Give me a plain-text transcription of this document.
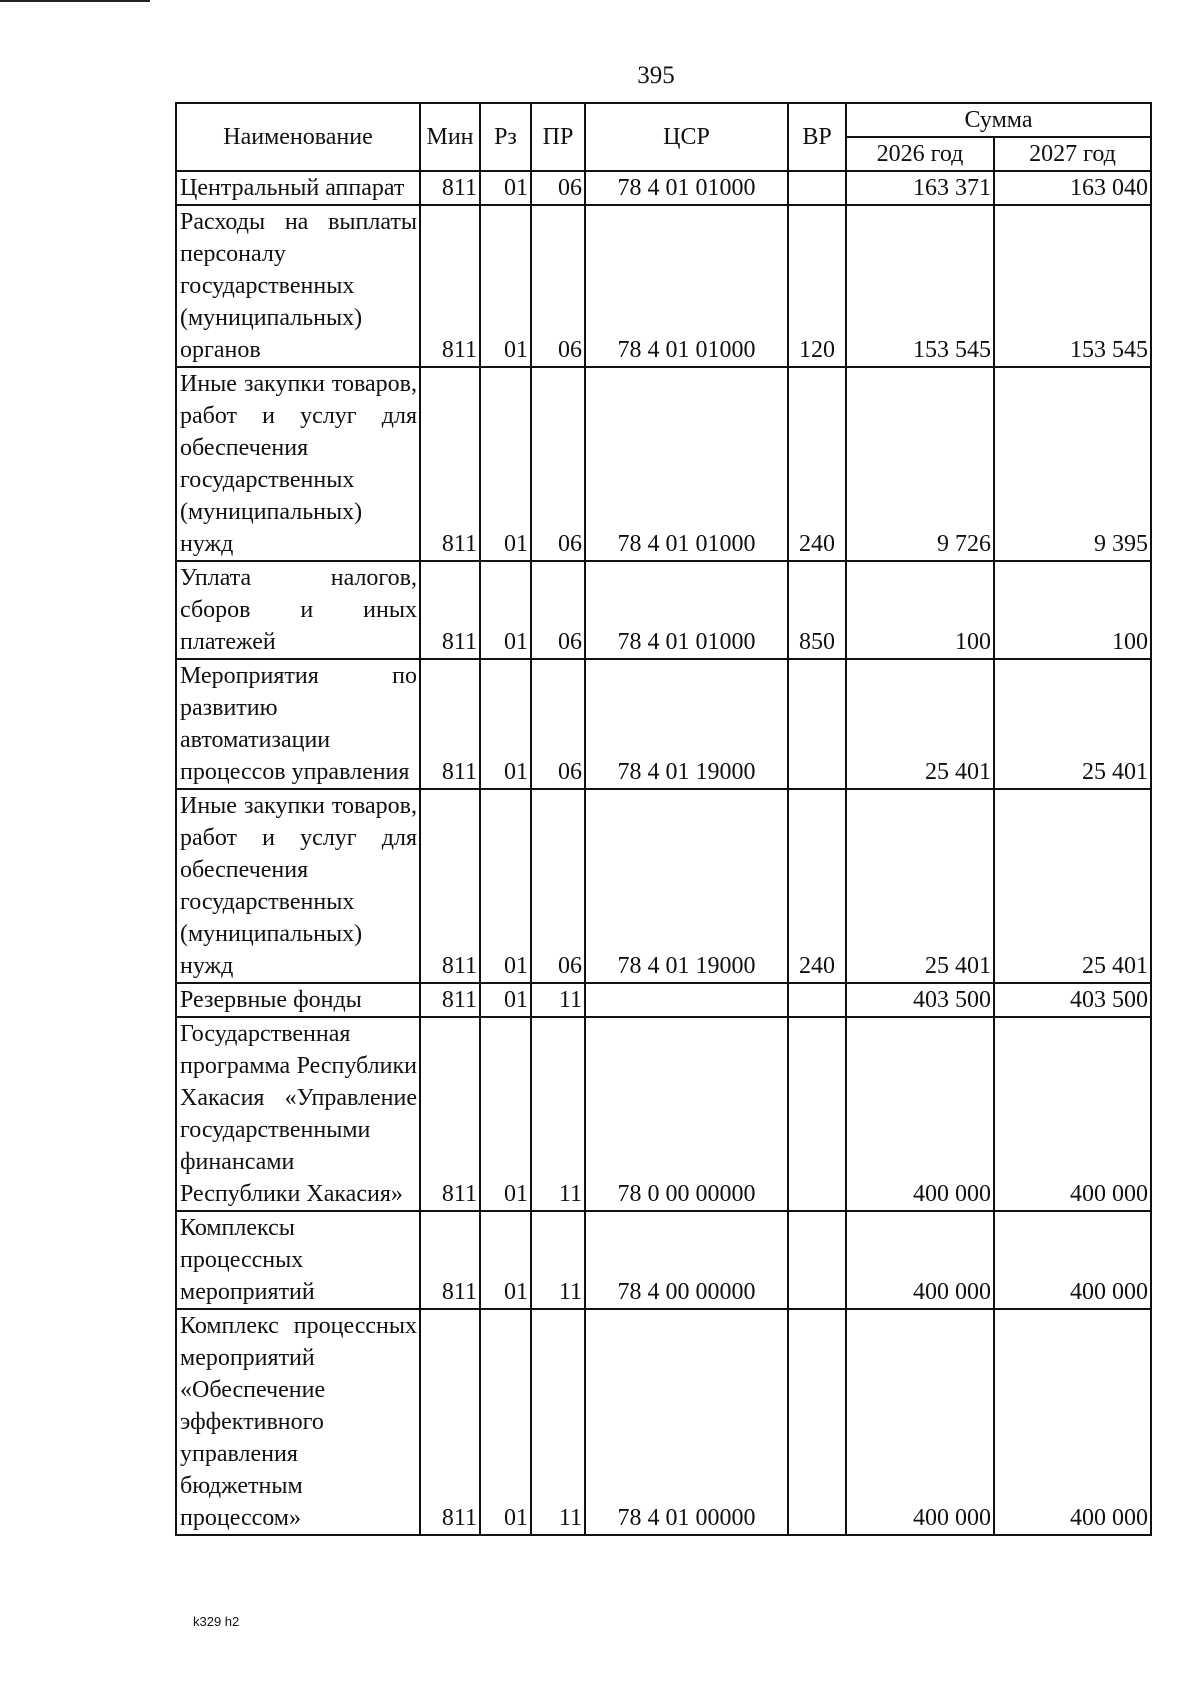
395
Наименование	Мин	Рз	ПР	ЦСР	ВР	Сумма	
						2026 год	2027 год
Центральный аппарат	811	01	06	78 4 01 01000		163 371	163 040
Расходы на выплаты персоналу государственных (муниципальных) органов	811	01	06	78 4 01 01000	120	153 545	153 545
Иные закупки товаров, работ и услуг для обеспечения государственных (муниципальных) нужд	811	01	06	78 4 01 01000	240	9 726	9 395
Уплата налогов, сборов и иных платежей	811	01	06	78 4 01 01000	850	100	100
Мероприятия по развитию автоматизации процессов управления	811	01	06	78 4 01 19000		25 401	25 401
Иные закупки товаров, работ и услуг для обеспечения государственных (муниципальных) нужд	811	01	06	78 4 01 19000	240	25 401	25 401
Резервные фонды	811	01	11			403 500	403 500
Государственная программа Республики Хакасия «Управление государственными финансами Республики Хакасия»	811	01	11	78 0 00 00000		400 000	400 000
Комплексы процессных мероприятий	811	01	11	78 4 00 00000		400 000	400 000
Комплекс процессных мероприятий «Обеспечение эффективного управления бюджетным процессом»	811	01	11	78 4 01 00000		400 000	400 000
k329 h2
